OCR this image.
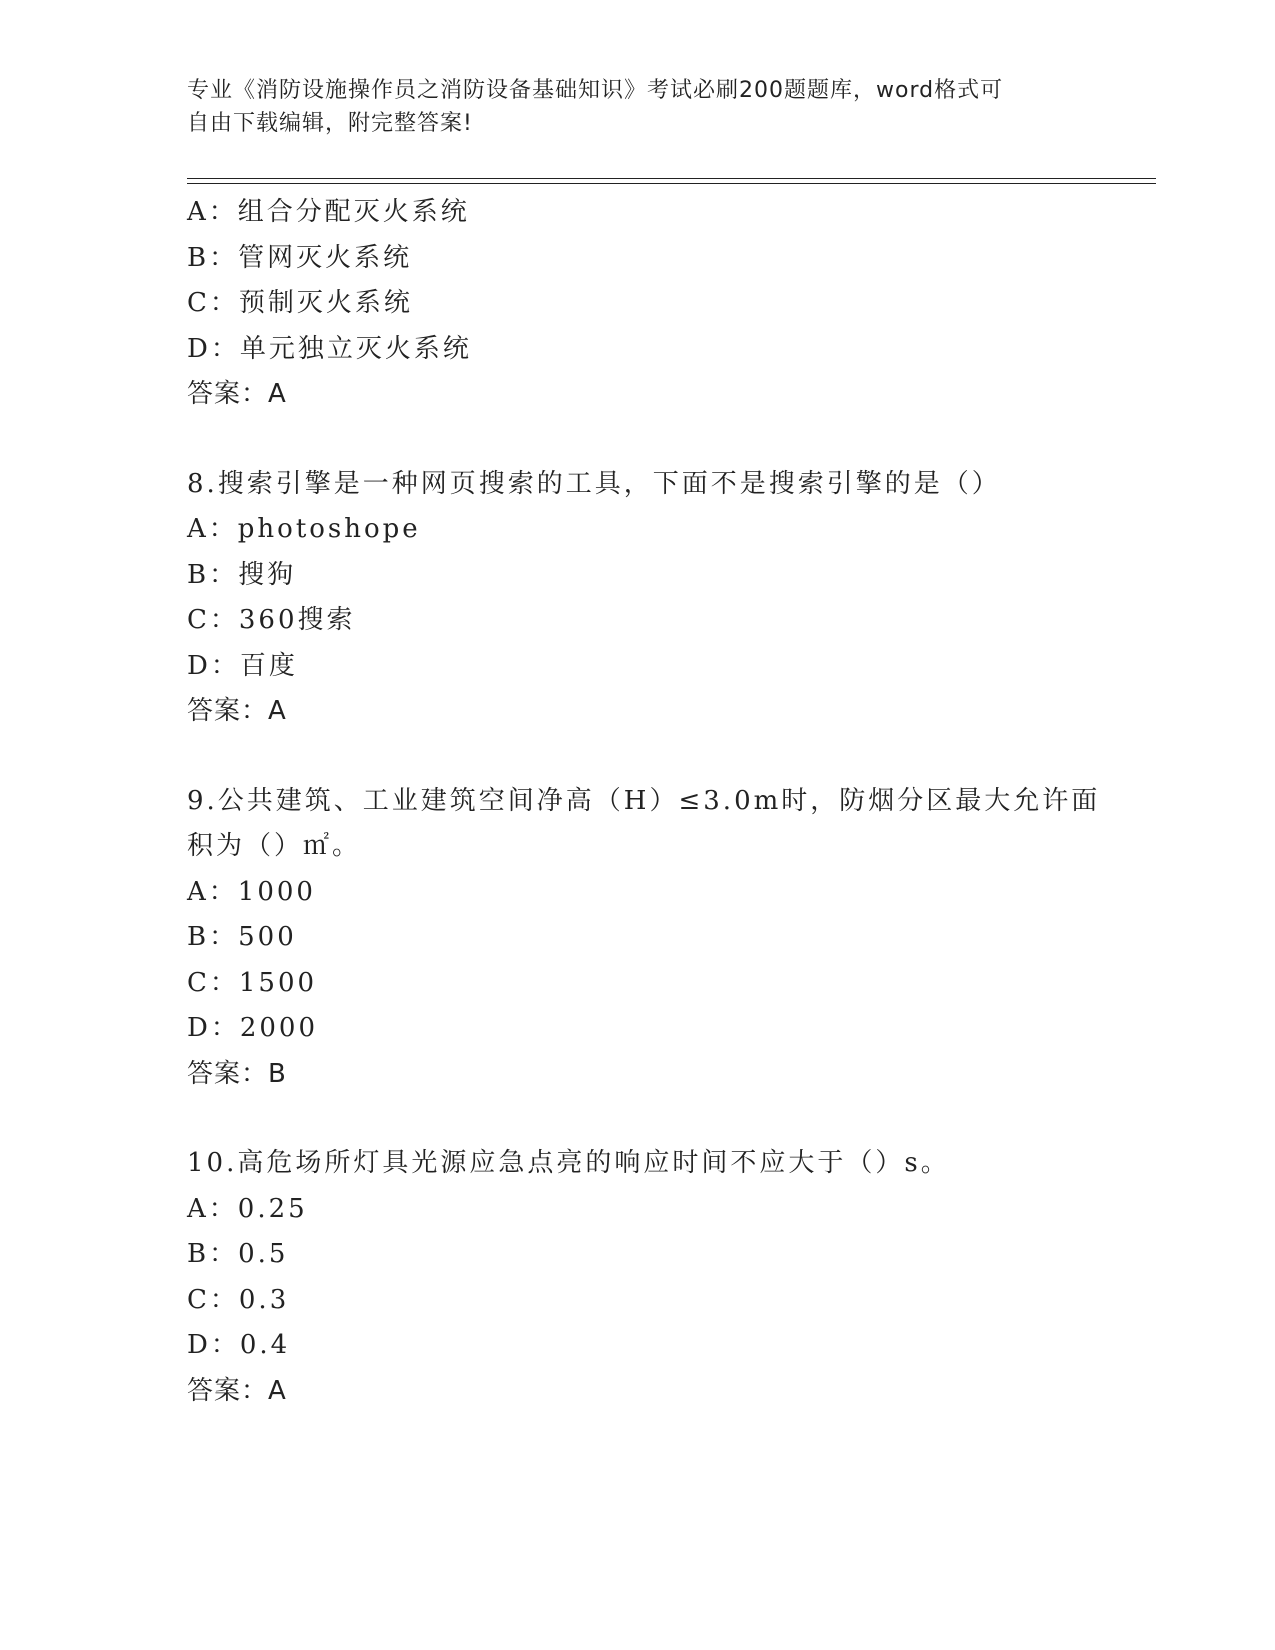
专业《消防设施操作员之消防设备基础知识》考试必刷200题题库，word格式可
自由下载编辑，附完整答案!
A：组合分配灭火系统
B：管网灭火系统
C：预制灭火系统
D：单元独立灭火系统
答案：A
8.搜索引擎是一种网页搜索的工具，下面不是搜索引擎的是（）
A：photoshope
B：搜狗
C：360搜索
D：百度
答案：A
9.公共建筑、工业建筑空间净高（H）≤3.0m时，防烟分区最大允许面
积为（）㎡。
A：1000
B：500
C：1500
D：2000
答案：B
10.高危场所灯具光源应急点亮的响应时间不应大于（）s。
A：0.25
B：0.5
C：0.3
D：0.4
答案：A
